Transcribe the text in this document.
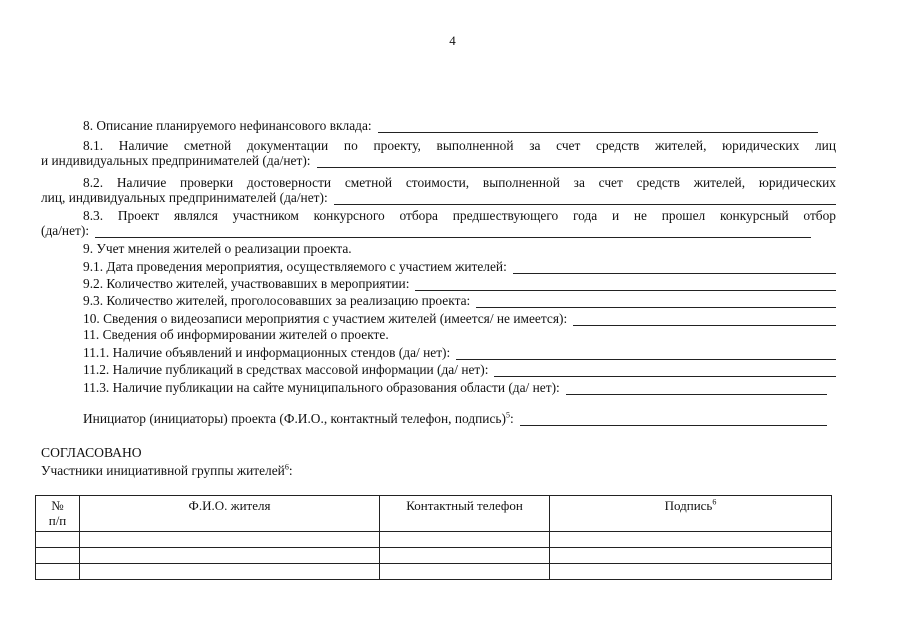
4
8. Описание планируемого нефинансового вклада:
8.1. Наличие сметной документации по проекту, выполненной за счет средств жителей, юридических лиц
и индивидуальных предпринимателей (да/нет):
8.2. Наличие проверки достоверности сметной стоимости, выполненной за счет средств жителей, юридических
лиц, индивидуальных предпринимателей (да/нет):
8.3. Проект являлся участником конкурсного отбора предшествующего года и не прошел конкурсный отбор
(да/нет):
9. Учет мнения жителей о реализации проекта.
9.1. Дата проведения мероприятия, осуществляемого с участием жителей:
9.2. Количество жителей, участвовавших в мероприятии:
9.3. Количество жителей, проголосовавших за реализацию проекта:
10. Сведения о видеозаписи мероприятия с участием жителей (имеется/ не имеется):
11. Сведения об информировании жителей о проекте.
11.1. Наличие объявлений и информационных стендов (да/ нет):
11.2. Наличие публикаций в средствах массовой информации (да/ нет):
11.3. Наличие публикации на сайте муниципального образования области (да/ нет):
Инициатор (инициаторы) проекта (Ф.И.О., контактный телефон, подпись)$^5$:
СОГЛАСОВАНО
Участники инициативной группы жителей$^6$:
№
п/п	Ф.И.О. жителя	Контактный телефон	Подпись$^6$
